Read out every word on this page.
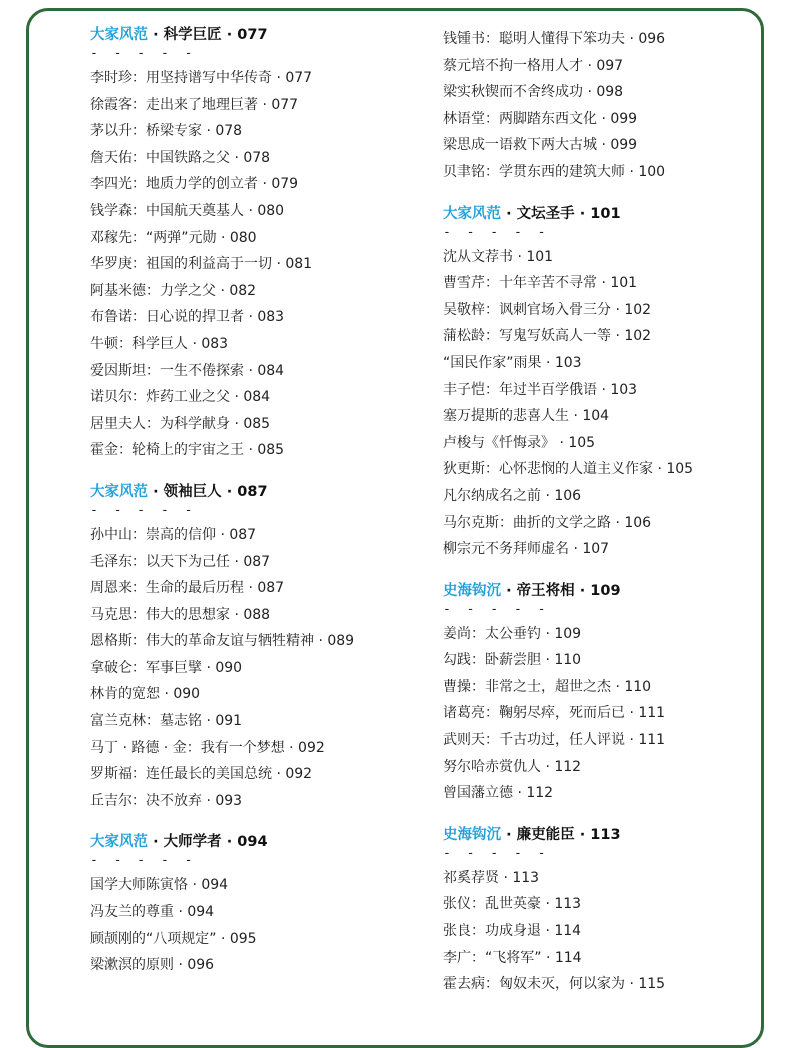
大家风范 · 科学巨匠 · 077
- - - - -
李时珍：用坚持谱写中华传奇 · 077
徐霞客：走出来了地理巨著 · 077
茅以升：桥梁专家 · 078
詹天佑：中国铁路之父 · 078
李四光：地质力学的创立者 · 079
钱学森：中国航天奠基人 · 080
邓稼先：“两弹”元勋 · 080
华罗庚：祖国的利益高于一切 · 081
阿基米德：力学之父 · 082
布鲁诺：日心说的捍卫者 · 083
牛顿：科学巨人 · 083
爱因斯坦：一生不倦探索 · 084
诺贝尔：炸药工业之父 · 084
居里夫人：为科学献身 · 085
霍金：轮椅上的宇宙之王 · 085
大家风范 · 领袖巨人 · 087
- - - - -
孙中山：崇高的信仰 · 087
毛泽东：以天下为己任 · 087
周恩来：生命的最后历程 · 087
马克思：伟大的思想家 · 088
恩格斯：伟大的革命友谊与牺牲精神 · 089
拿破仑：军事巨擘 · 090
林肯的宽恕 · 090
富兰克林：墓志铭 · 091
马丁 · 路德 · 金：我有一个梦想 · 092
罗斯福：连任最长的美国总统 · 092
丘吉尔：决不放弃 · 093
大家风范 · 大师学者 · 094
- - - - -
国学大师陈寅恪 · 094
冯友兰的尊重 · 094
顾颉刚的“八项规定” · 095
梁漱溟的原则 · 096
钱锺书：聪明人懂得下笨功夫 · 096
蔡元培不拘一格用人才 · 097
梁实秋锲而不舍终成功 · 098
林语堂：两脚踏东西文化 · 099
梁思成一语救下两大古城 · 099
贝聿铭：学贯东西的建筑大师 · 100
大家风范 · 文坛圣手 · 101
- - - - -
沈从文荐书 · 101
曹雪芹：十年辛苦不寻常 · 101
吴敬梓：讽刺官场入骨三分 · 102
蒲松龄：写鬼写妖高人一等 · 102
“国民作家”雨果 · 103
丰子恺：年过半百学俄语 · 103
塞万提斯的悲喜人生 · 104
卢梭与《忏悔录》 · 105
狄更斯：心怀悲悯的人道主义作家 · 105
凡尔纳成名之前 · 106
马尔克斯：曲折的文学之路 · 106
柳宗元不务拜师虚名 · 107
史海钩沉 · 帝王将相 · 109
- - - - -
姜尚：太公垂钓 · 109
勾践：卧薪尝胆 · 110
曹操：非常之士，超世之杰 · 110
诸葛亮：鞠躬尽瘁，死而后已 · 111
武则天：千古功过，任人评说 · 111
努尔哈赤赏仇人 · 112
曾国藩立德 · 112
史海钩沉 · 廉吏能臣 · 113
- - - - -
祁奚荐贤 · 113
张仪：乱世英豪 · 113
张良：功成身退 · 114
李广：“飞将军” · 114
霍去病：匈奴未灭，何以家为 · 115
